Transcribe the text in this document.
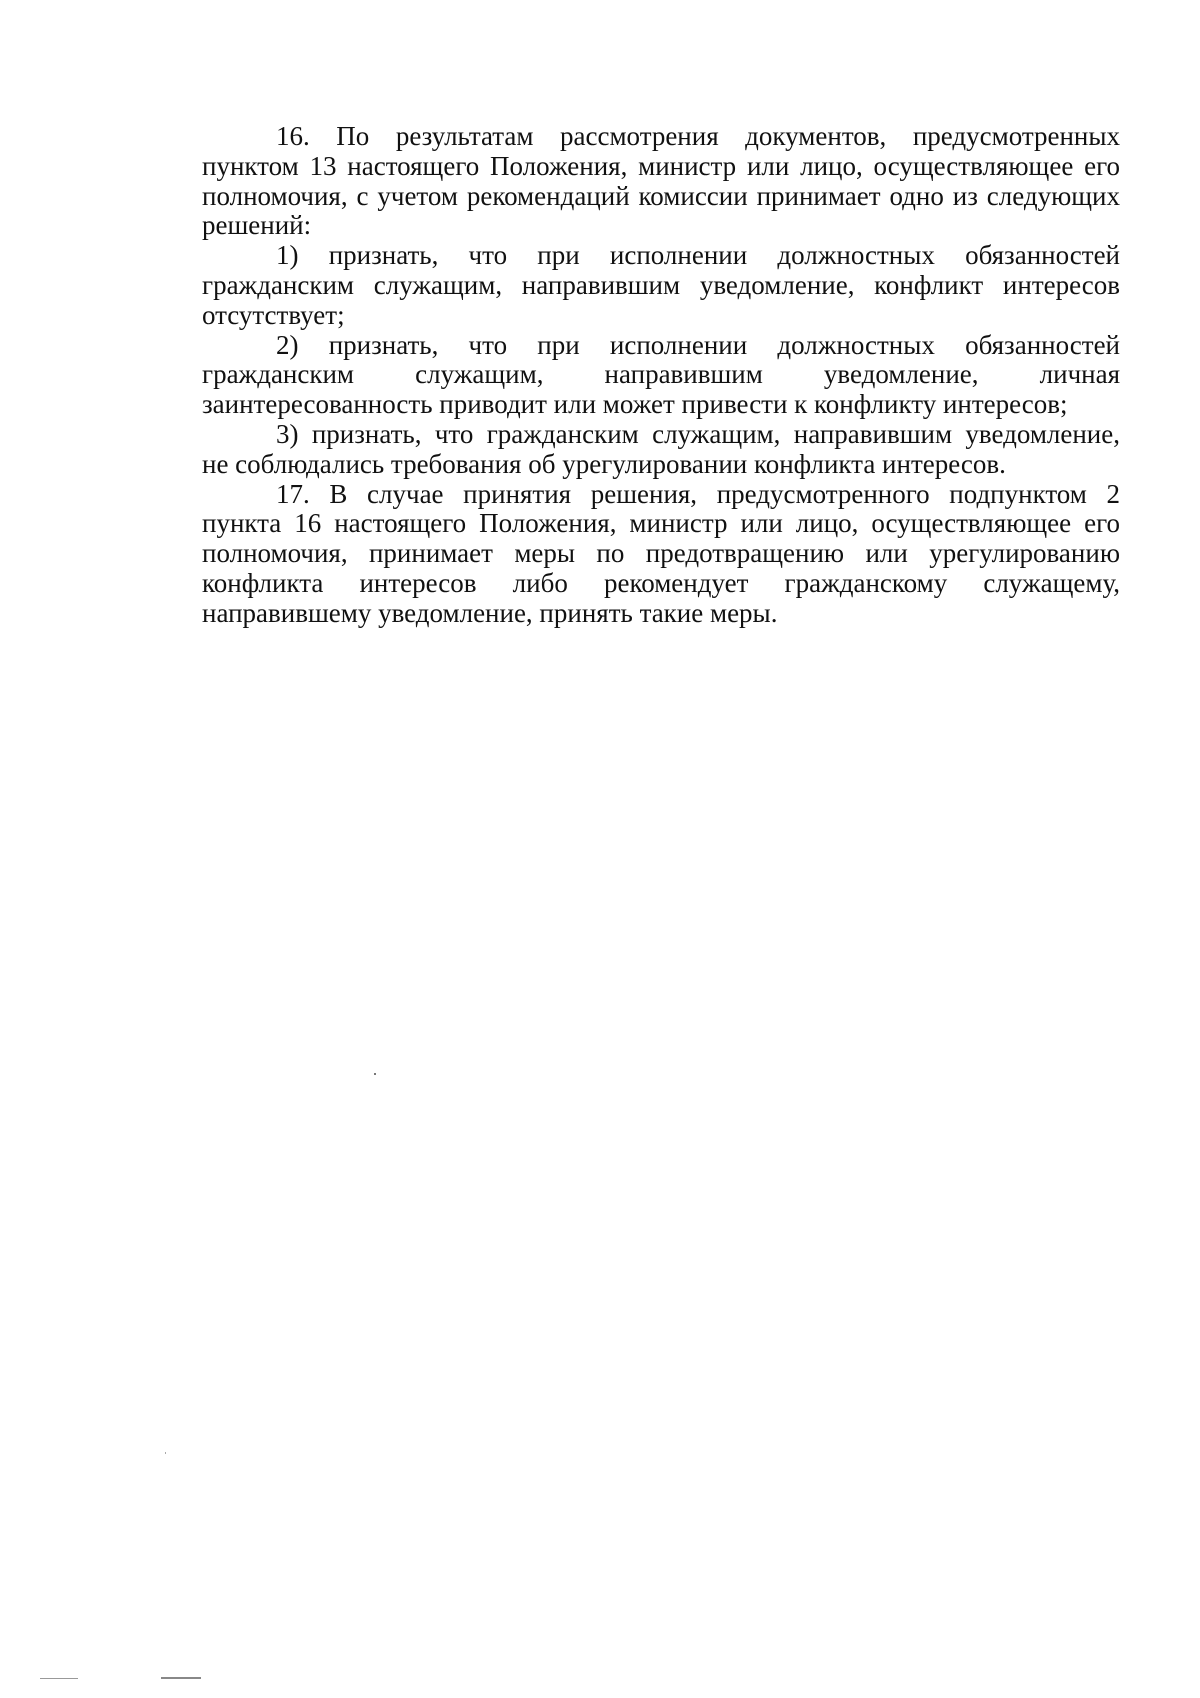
16. По результатам рассмотрения документов, предусмотренных
пунктом 13 настоящего Положения, министр или лицо, осуществляющее его
полномочия, с учетом рекомендаций комиссии принимает одно из следующих
решений:
1) признать, что при исполнении должностных обязанностей
гражданским служащим, направившим уведомление, конфликт интересов
отсутствует;
2) признать, что при исполнении должностных обязанностей
гражданским служащим, направившим уведомление, личная
заинтересованность приводит или может привести к конфликту интересов;
3) признать, что гражданским служащим, направившим уведомление,
не соблюдались требования об урегулировании конфликта интересов.
17. В случае принятия решения, предусмотренного подпунктом 2
пункта 16 настоящего Положения, министр или лицо, осуществляющее его
полномочия, принимает меры по предотвращению или урегулированию
конфликта интересов либо рекомендует гражданскому служащему,
направившему уведомление, принять такие меры.
